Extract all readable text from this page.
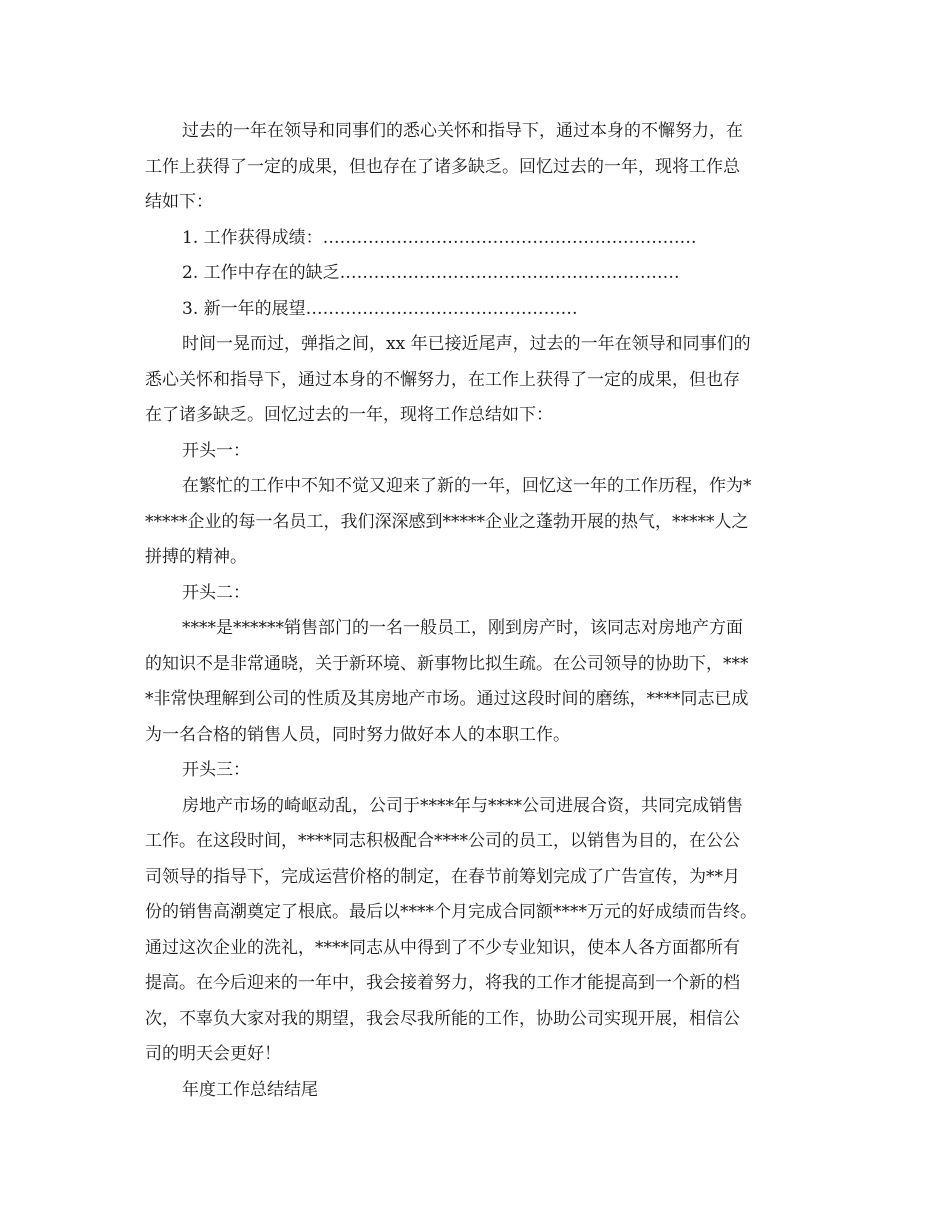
过去的一年在领导和同事们的悉心关怀和指导下，通过本身的不懈努力，在

工作上获得了一定的成果，但也存在了诸多缺乏。回忆过去的一年，现将工作总

结如下：

1. 工作获得成绩：…………………………………………………………

2. 工作中存在的缺乏……………………………………………………

3. 新一年的展望…………………………………………

时间一晃而过，弹指之间，xx 年已接近尾声，过去的一年在领导和同事们的

悉心关怀和指导下，通过本身的不懈努力，在工作上获得了一定的成果，但也存

在了诸多缺乏。回忆过去的一年，现将工作总结如下：

开头一：

在繁忙的工作中不知不觉又迎来了新的一年，回忆这一年的工作历程，作为*

*****企业的每一名员工，我们深深感到*****企业之蓬勃开展的热气，*****人之

拼搏的精神。

开头二：

****是******销售部门的一名一般员工，刚到房产时，该同志对房地产方面

的知识不是非常通晓，关于新环境、新事物比拟生疏。在公司领导的协助下，***

*非常快理解到公司的性质及其房地产市场。通过这段时间的磨练，****同志已成

为一名合格的销售人员，同时努力做好本人的本职工作。

开头三：

房地产市场的崎岖动乱，公司于****年与****公司进展合资，共同完成销售

工作。在这段时间，****同志积极配合****公司的员工，以销售为目的，在公公

司领导的指导下，完成运营价格的制定，在春节前筹划完成了广告宣传，为**月

份的销售高潮奠定了根底。最后以****个月完成合同额****万元的好成绩而告终。

通过这次企业的洗礼，****同志从中得到了不少专业知识，使本人各方面都所有

提高。在今后迎来的一年中，我会接着努力，将我的工作才能提高到一个新的档

次，不辜负大家对我的期望，我会尽我所能的工作，协助公司实现开展，相信公

司的明天会更好！

年度工作总结结尾
